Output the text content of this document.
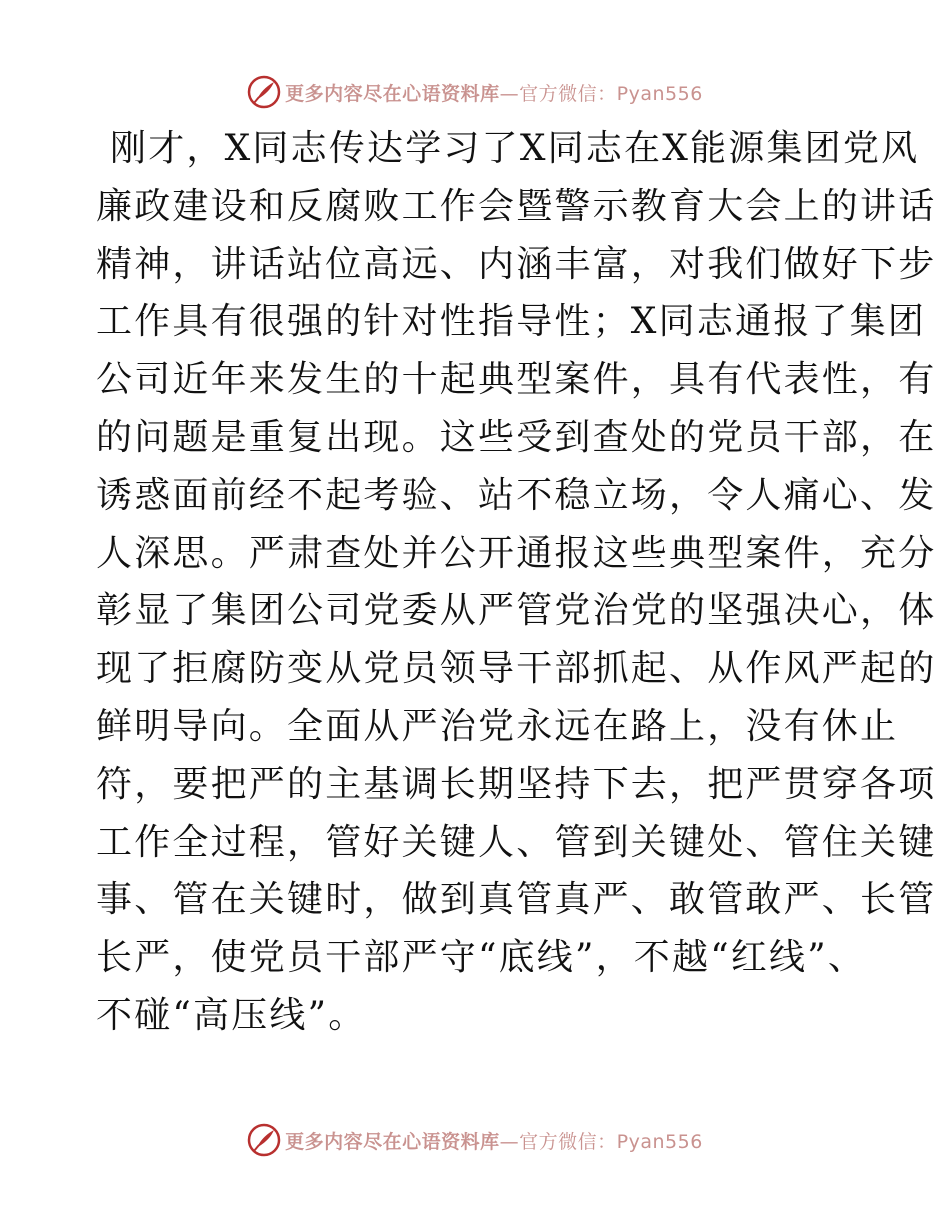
更多内容尽在心语资料库—官方微信：Pyan556
刚才，X同志传达学习了X同志在X能源集团党风
廉政建设和反腐败工作会暨警示教育大会上的讲话
精神，讲话站位高远、内涵丰富，对我们做好下步
工作具有很强的针对性指导性；X同志通报了集团
公司近年来发生的十起典型案件，具有代表性，有
的问题是重复出现。这些受到查处的党员干部，在
诱惑面前经不起考验、站不稳立场，令人痛心、发
人深思。严肃查处并公开通报这些典型案件，充分
彰显了集团公司党委从严管党治党的坚强决心，体
现了拒腐防变从党员领导干部抓起、从作风严起的
鲜明导向。全面从严治党永远在路上，没有休止
符，要把严的主基调长期坚持下去，把严贯穿各项
工作全过程，管好关键人、管到关键处、管住关键
事、管在关键时，做到真管真严、敢管敢严、长管
长严，使党员干部严守“底线”，不越“红线”、
不碰“高压线”。
更多内容尽在心语资料库—官方微信：Pyan556
